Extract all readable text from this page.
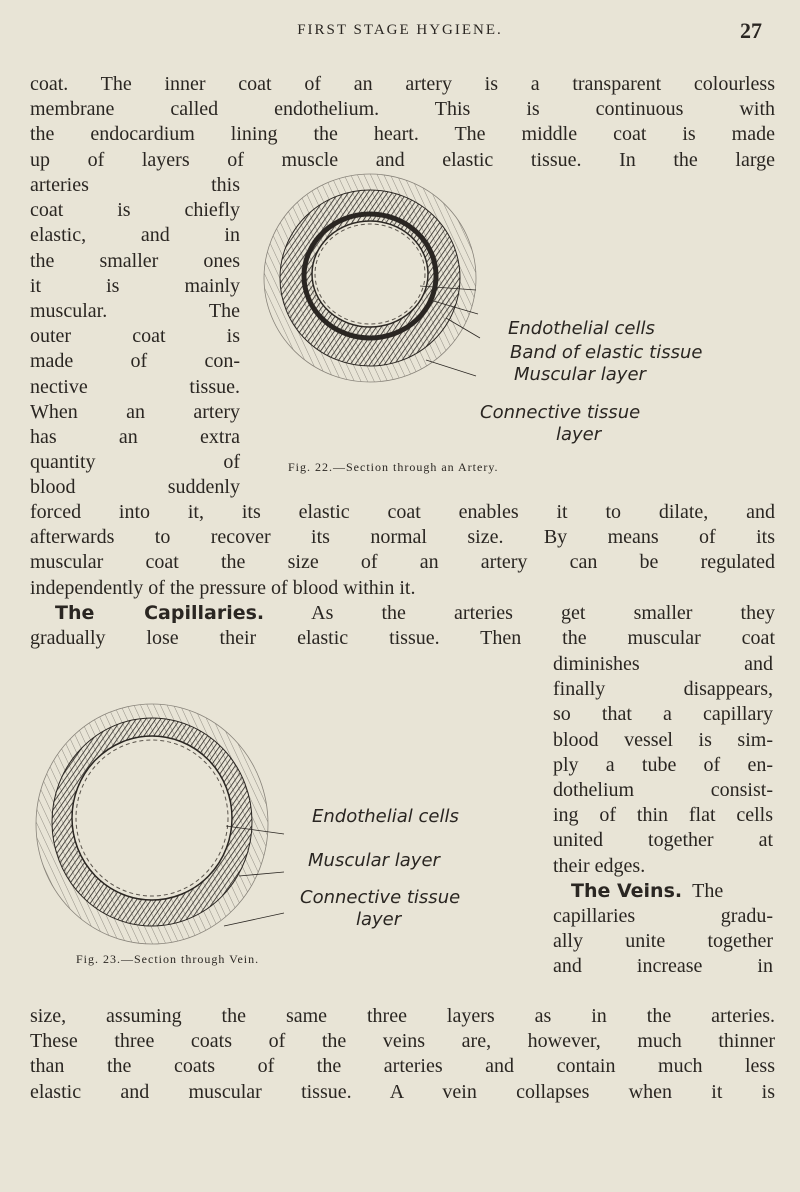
FIRST STAGE HYGIENE.	27
coat. The inner coat of an artery is a transparent colourless
membrane called endothelium. This is continuous with
the endocardium lining the heart. The middle coat is made
up of layers of muscle and elastic tissue. In the large
arteries this
coat is chiefly
elastic, and in
the smaller ones
it is mainly
muscular. The
outer coat is
made of con-
nective tissue.
When an artery
has an extra
quantity of
blood suddenly
Endothelial cells
Band of elastic tissue
Muscular layer
Connective tissue
layer
Fig. 22.—Section through an Artery.
forced into it, its elastic coat enables it to dilate, and
afterwards to recover its normal size. By means of its
muscular coat the size of an artery can be regulated
independently of the pressure of blood within it.
The Capillaries. As the arteries get smaller they
gradually lose their elastic tissue. Then the muscular coat
diminishes and
finally disappears,
so that a capillary
blood vessel is sim-
ply a tube of en-
dothelium consist-
ing of thin flat cells
united together at
their edges.
The Veins. The
capillaries gradu-
ally unite together
and increase in
Endothelial cells
Muscular layer
Connective tissue
layer
Fig. 23.—Section through Vein.
size, assuming the same three layers as in the arteries.
These three coats of the veins are, however, much thinner
than the coats of the arteries and contain much less
elastic and muscular tissue. A vein collapses when it is
